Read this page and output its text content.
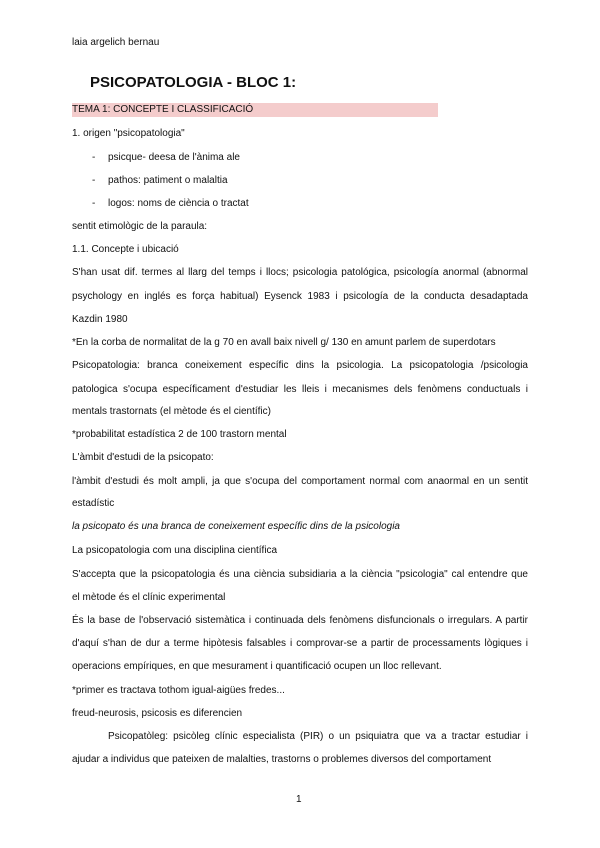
laia argelich bernau
PSICOPATOLOGIA - BLOC 1:
TEMA 1: CONCEPTE I CLASSIFICACIÓ
1. origen "psicopatologia"
- psicque- deesa de l'ànima ale
- pathos: patiment o malaltia
- logos: noms de ciència o tractat
sentit etimològic de la paraula:
1.1. Concepte i ubicació
S'han usat dif. termes al llarg del temps i llocs; psicologia patológica, psicología anormal (abnormal
psychology en inglés es força habitual) Eysenck 1983 i psicología de la conducta desadaptada
Kazdin 1980
*En la corba de normalitat de la g 70 en avall baix nivell g/ 130 en amunt parlem de superdotars
Psicopatologia: branca coneixement específic dins la psicologia. La psicopatologia /psicologia
patologica s'ocupa específicament d'estudiar les lleis i mecanismes dels fenòmens conductuals i
mentals trastornats (el mètode és el científic)
*probabilitat estadística 2 de 100 trastorn mental
L'àmbit d'estudi de la psicopato:
l'àmbit d'estudi és molt ampli, ja que s'ocupa del comportament normal com anaormal en un sentit
estadístic
la psicopato és una branca de coneixement específic dins de la psicologia
La psicopatologia com una disciplina científica
S'accepta que la psicopatologia és una ciència subsidiaria a la ciència "psicologia" cal entendre que
el mètode és el clínic experimental
És la base de l'observació sistemàtica i continuada dels fenòmens disfuncionals o irregulars. A partir
d'aquí s'han de dur a terme hipòtesis falsables i comprovar-se a partir de processaments lògiques i
operacions empíriques, en que mesurament i quantificació ocupen un lloc rellevant.
*primer es tractava tothom igual-aigües fredes...
freud-neurosis, psicosis es diferencien
Psicopatòleg: psicòleg clínic especialista (PIR) o un psiquiatra que va a tractar estudiar i
ajudar a individus que pateixen de malalties, trastorns o problemes diversos del comportament
1
